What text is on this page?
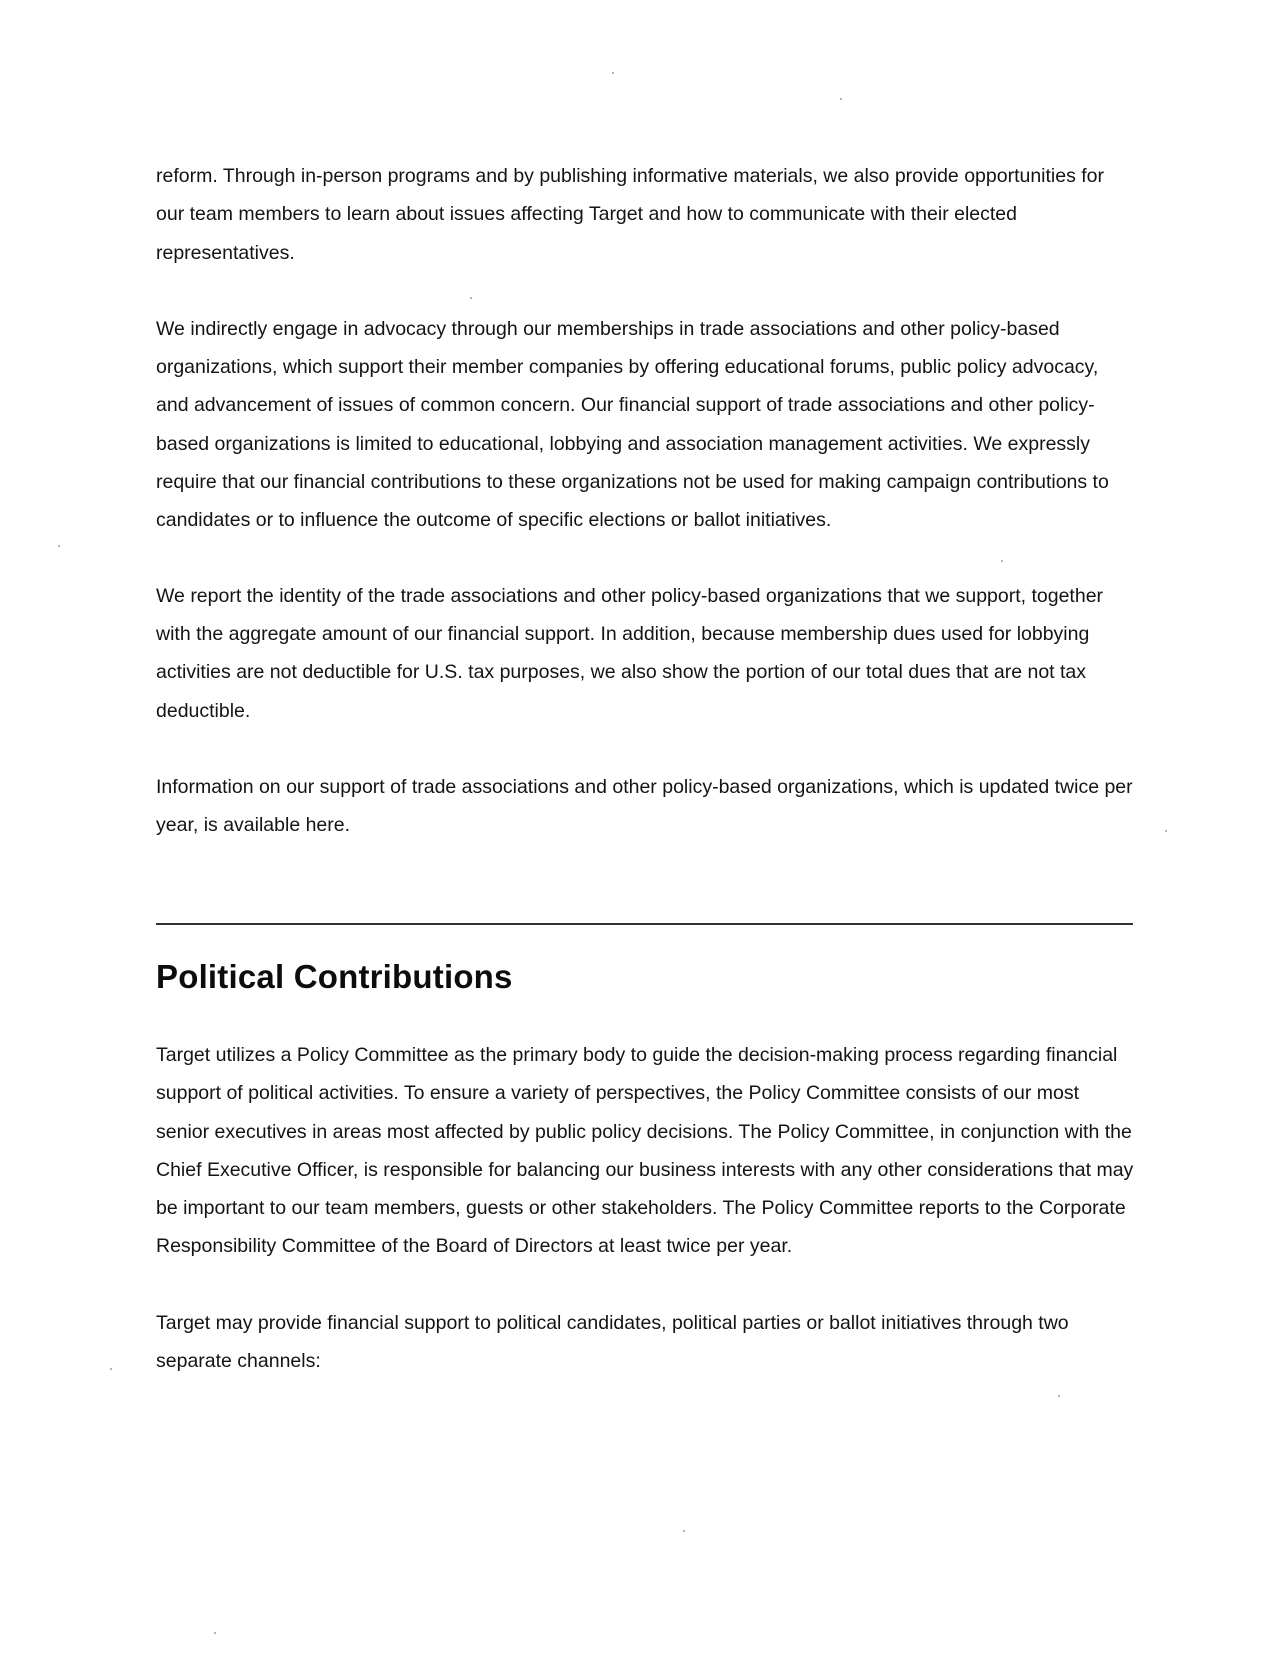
reform. Through in-person programs and by publishing informative materials, we also provide opportunities for our team members to learn about issues affecting Target and how to communicate with their elected representatives.

We indirectly engage in advocacy through our memberships in trade associations and other policy-based organizations, which support their member companies by offering educational forums, public policy advocacy, and advancement of issues of common concern. Our financial support of trade associations and other policy-based organizations is limited to educational, lobbying and association management activities. We expressly require that our financial contributions to these organizations not be used for making campaign contributions to candidates or to influence the outcome of specific elections or ballot initiatives.

We report the identity of the trade associations and other policy-based organizations that we support, together with the aggregate amount of our financial support. In addition, because membership dues used for lobbying activities are not deductible for U.S. tax purposes, we also show the portion of our total dues that are not tax deductible.

Information on our support of trade associations and other policy-based organizations, which is updated twice per year, is available here.

Political Contributions

Target utilizes a Policy Committee as the primary body to guide the decision-making process regarding financial support of political activities. To ensure a variety of perspectives, the Policy Committee consists of our most senior executives in areas most affected by public policy decisions. The Policy Committee, in conjunction with the Chief Executive Officer, is responsible for balancing our business interests with any other considerations that may be important to our team members, guests or other stakeholders. The Policy Committee reports to the Corporate Responsibility Committee of the Board of Directors at least twice per year.

Target may provide financial support to political candidates, political parties or ballot initiatives through two separate channels:
